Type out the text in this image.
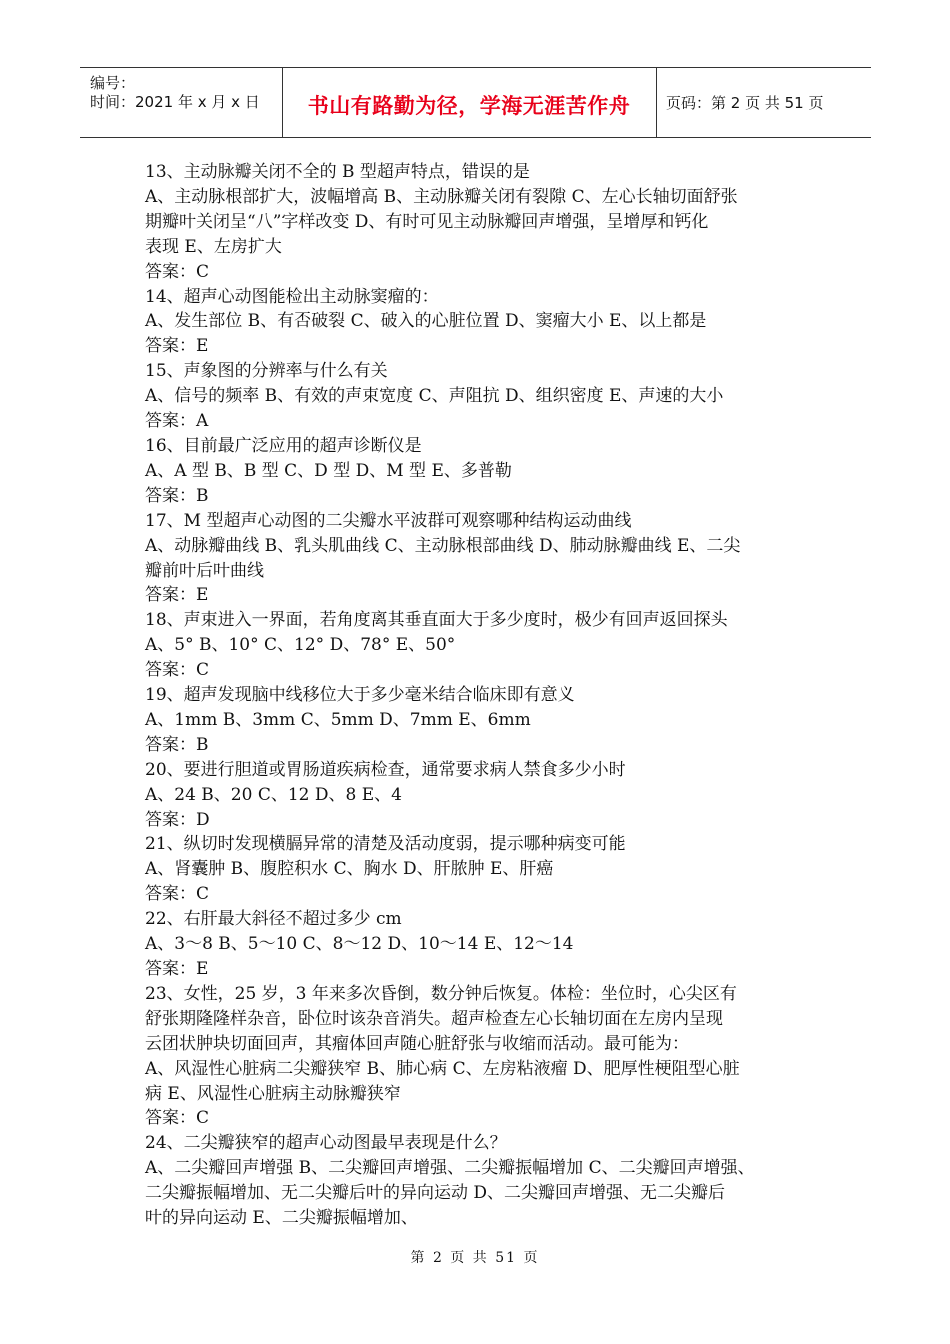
编号：
时间：2021 年 x 月 x 日	书山有路勤为径，学海无涯苦作舟	页码：第 2 页 共 51 页

13、主动脉瓣关闭不全的 B 型超声特点，错误的是

A、主动脉根部扩大，波幅增高 B、主动脉瓣关闭有裂隙 C、左心长轴切面舒张

期瓣叶关闭呈“八”字样改变 D、有时可见主动脉瓣回声增强，呈增厚和钙化

表现 E、左房扩大

答案：C

14、超声心动图能检出主动脉窦瘤的：

A、发生部位 B、有否破裂 C、破入的心脏位置 D、窦瘤大小 E、以上都是

答案：E

15、声象图的分辨率与什么有关

A、信号的频率 B、有效的声束宽度 C、声阻抗 D、组织密度 E、声速的大小

答案：A

16、目前最广泛应用的超声诊断仪是

A、A 型 B、B 型 C、D 型 D、M 型 E、多普勒

答案：B

17、M 型超声心动图的二尖瓣水平波群可观察哪种结构运动曲线

A、动脉瓣曲线 B、乳头肌曲线 C、主动脉根部曲线 D、肺动脉瓣曲线 E、二尖

瓣前叶后叶曲线

答案：E

18、声束进入一界面，若角度离其垂直面大于多少度时，极少有回声返回探头

A、5° B、10° C、12° D、78° E、50°

答案：C

19、超声发现脑中线移位大于多少毫米结合临床即有意义

A、1mm B、3mm C、5mm D、7mm E、6mm

答案：B

20、要进行胆道或胃肠道疾病检查，通常要求病人禁食多少小时

A、24 B、20 C、12 D、8 E、4

答案：D

21、纵切时发现横膈异常的清楚及活动度弱，提示哪种病变可能

A、肾囊肿 B、腹腔积水 C、胸水 D、肝脓肿 E、肝癌

答案：C

22、右肝最大斜径不超过多少 cm

A、3～8 B、5～10 C、8～12 D、10～14 E、12～14

答案：E

23、女性，25 岁，3 年来多次昏倒，数分钟后恢复。体检：坐位时，心尖区有

舒张期隆隆样杂音，卧位时该杂音消失。超声检查左心长轴切面在左房内呈现

云团状肿块切面回声，其瘤体回声随心脏舒张与收缩而活动。最可能为：

A、风湿性心脏病二尖瓣狭窄 B、肺心病 C、左房粘液瘤 D、肥厚性梗阻型心脏

病 E、风湿性心脏病主动脉瓣狭窄

答案：C

24、二尖瓣狭窄的超声心动图最早表现是什么？

A、二尖瓣回声增强 B、二尖瓣回声增强、二尖瓣振幅增加 C、二尖瓣回声增强、

二尖瓣振幅增加、无二尖瓣后叶的异向运动 D、二尖瓣回声增强、无二尖瓣后

叶的异向运动 E、二尖瓣振幅增加、

第 2 页 共 51 页
